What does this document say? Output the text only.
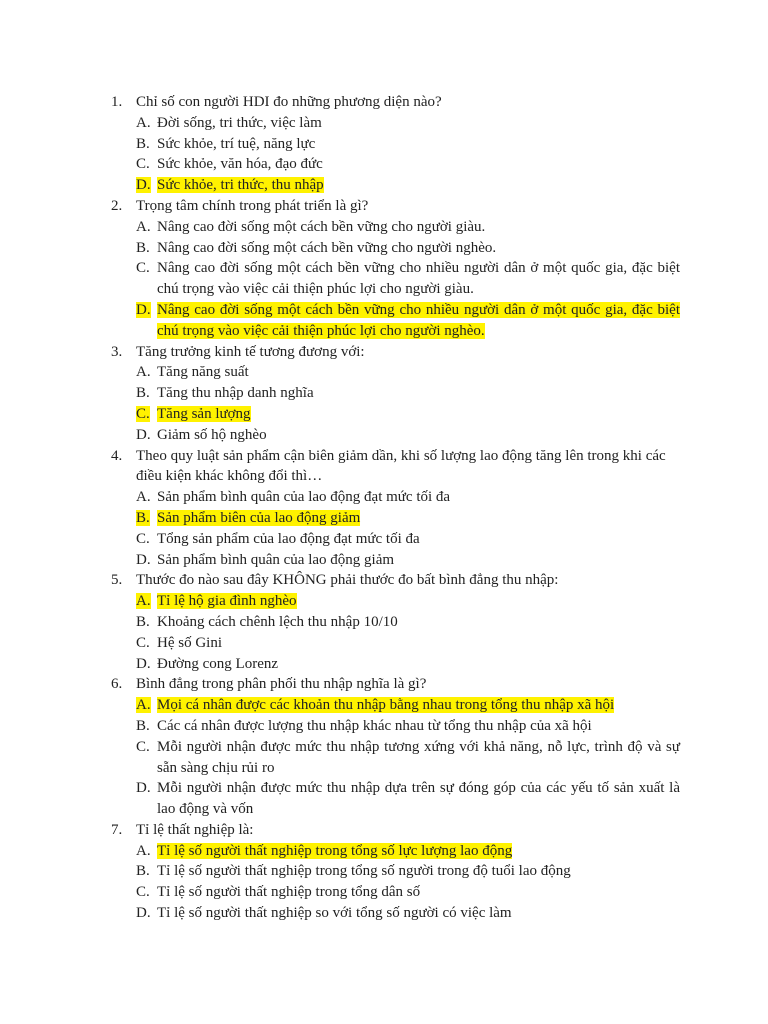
1. Chỉ số con người HDI đo những phương diện nào?
A. Đời sống, tri thức, việc làm
B. Sức khỏe, trí tuệ, năng lực
C. Sức khỏe, văn hóa, đạo đức
D. Sức khỏe, tri thức, thu nhập
2. Trọng tâm chính trong phát triển là gì?
A. Nâng cao đời sống một cách bền vững cho người giàu.
B. Nâng cao đời sống một cách bền vững cho người nghèo.
C. Nâng cao đời sống một cách bền vững cho nhiều người dân ở một quốc gia, đặc biệt chú trọng vào việc cải thiện phúc lợi cho người giàu.
D. Nâng cao đời sống một cách bền vững cho nhiều người dân ở một quốc gia, đặc biệt chú trọng vào việc cải thiện phúc lợi cho người nghèo.
3. Tăng trưởng kinh tế tương đương với:
A. Tăng năng suất
B. Tăng thu nhập danh nghĩa
C. Tăng sản lượng
D. Giảm số hộ nghèo
4. Theo quy luật sản phẩm cận biên giảm dần, khi số lượng lao động tăng lên trong khi các điều kiện khác không đổi thì…
A. Sản phẩm bình quân của lao động đạt mức tối đa
B. Sản phẩm biên của lao động giảm
C. Tổng sản phẩm của lao động đạt mức tối đa
D. Sản phẩm bình quân của lao động giảm
5. Thước đo nào sau đây KHÔNG phải thước đo bất bình đẳng thu nhập:
A. Tỉ lệ hộ gia đình nghèo
B. Khoảng cách chênh lệch thu nhập 10/10
C. Hệ số Gini
D. Đường cong Lorenz
6. Bình đẳng trong phân phối thu nhập nghĩa là gì?
A. Mọi cá nhân được các khoản thu nhập bằng nhau trong tổng thu nhập xã hội
B. Các cá nhân được lượng thu nhập khác nhau từ tổng thu nhập của xã hội
C. Mỗi người nhận được mức thu nhập tương xứng với khả năng, nỗ lực, trình độ và sự sẵn sàng chịu rủi ro
D. Mỗi người nhận được mức thu nhập dựa trên sự đóng góp của các yếu tố sản xuất là lao động và vốn
7. Tỉ lệ thất nghiệp là:
A. Tỉ lệ số người thất nghiệp trong tổng số lực lượng lao động
B. Tỉ lệ số người thất nghiệp trong tổng số người trong độ tuổi lao động
C. Tỉ lệ số người thất nghiệp trong tổng dân số
D. Tỉ lệ số người thất nghiệp so với tổng số người có việc làm
